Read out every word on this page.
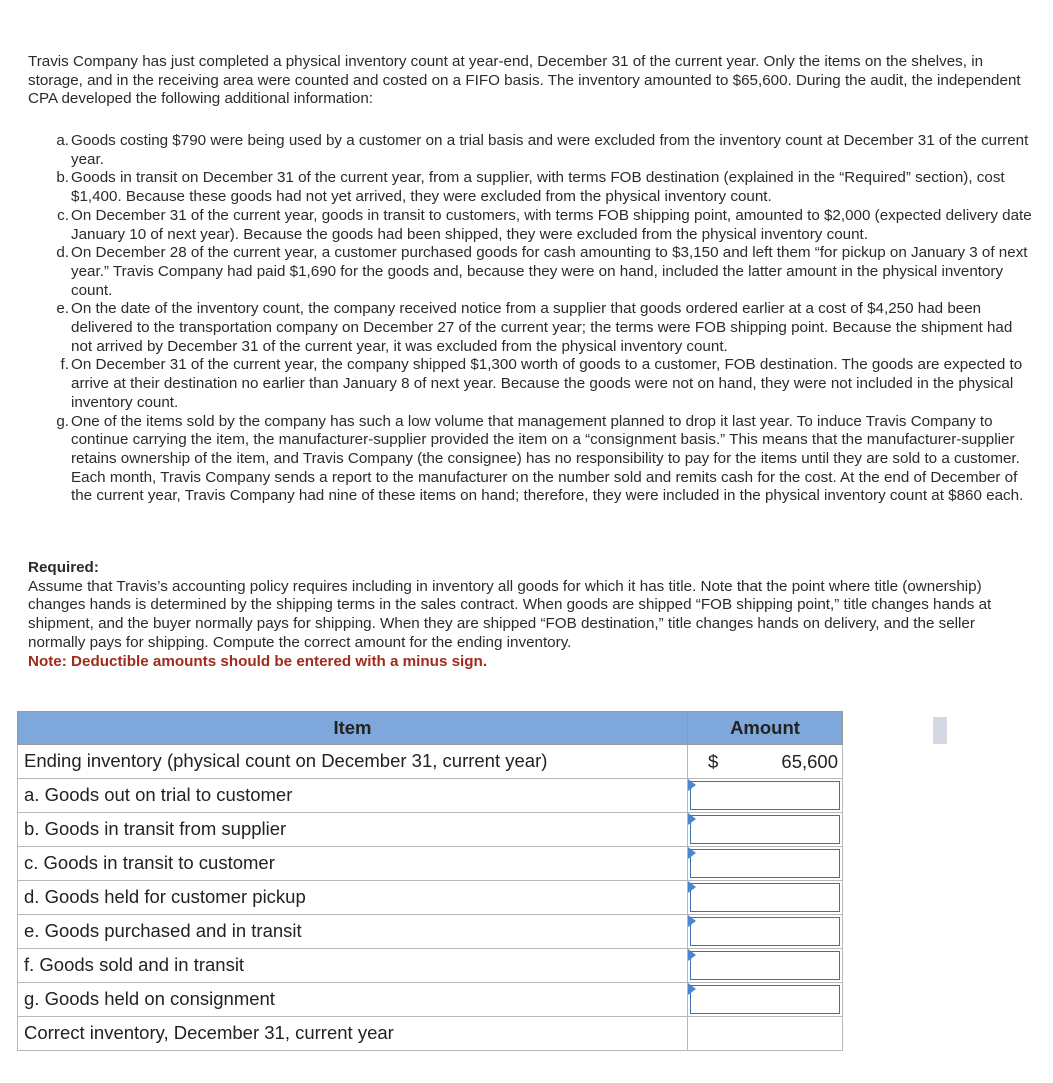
Travis Company has just completed a physical inventory count at year-end, December 31 of the current year. Only the items on the shelves, in storage, and in the receiving area were counted and costed on a FIFO basis. The inventory amounted to $65,600. During the audit, the independent CPA developed the following additional information:

a. Goods costing $790 were being used by a customer on a trial basis and were excluded from the inventory count at December 31 of the current year.
b. Goods in transit on December 31 of the current year, from a supplier, with terms FOB destination (explained in the “Required” section), cost $1,400. Because these goods had not yet arrived, they were excluded from the physical inventory count.
c. On December 31 of the current year, goods in transit to customers, with terms FOB shipping point, amounted to $2,000 (expected delivery date January 10 of next year). Because the goods had been shipped, they were excluded from the physical inventory count.
d. On December 28 of the current year, a customer purchased goods for cash amounting to $3,150 and left them “for pickup on January 3 of next year.” Travis Company had paid $1,690 for the goods and, because they were on hand, included the latter amount in the physical inventory count.
e. On the date of the inventory count, the company received notice from a supplier that goods ordered earlier at a cost of $4,250 had been delivered to the transportation company on December 27 of the current year; the terms were FOB shipping point. Because the shipment had not arrived by December 31 of the current year, it was excluded from the physical inventory count.
f. On December 31 of the current year, the company shipped $1,300 worth of goods to a customer, FOB destination. The goods are expected to arrive at their destination no earlier than January 8 of next year. Because the goods were not on hand, they were not included in the physical inventory count.
g. One of the items sold by the company has such a low volume that management planned to drop it last year. To induce Travis Company to continue carrying the item, the manufacturer-supplier provided the item on a “consignment basis.” This means that the manufacturer-supplier retains ownership of the item, and Travis Company (the consignee) has no responsibility to pay for the items until they are sold to a customer. Each month, Travis Company sends a report to the manufacturer on the number sold and remits cash for the cost. At the end of December of the current year, Travis Company had nine of these items on hand; therefore, they were included in the physical inventory count at $860 each.

Required:

Assume that Travis’s accounting policy requires including in inventory all goods for which it has title. Note that the point where title (ownership) changes hands is determined by the shipping terms in the sales contract. When goods are shipped “FOB shipping point,” title changes hands at shipment, and the buyer normally pays for shipping. When they are shipped “FOB destination,” title changes hands on delivery, and the seller normally pays for shipping. Compute the correct amount for the ending inventory.

Note: Deductible amounts should be entered with a minus sign.

Item	Amount
Ending inventory (physical count on December 31, current year)	$ 65,600

a. Goods out on trial to customer	

b. Goods in transit from supplier	

c. Goods in transit to customer	

d. Goods held for customer pickup	

e. Goods purchased and in transit	

f. Goods sold and in transit	

g. Goods held on consignment	

Correct inventory, December 31, current year	
